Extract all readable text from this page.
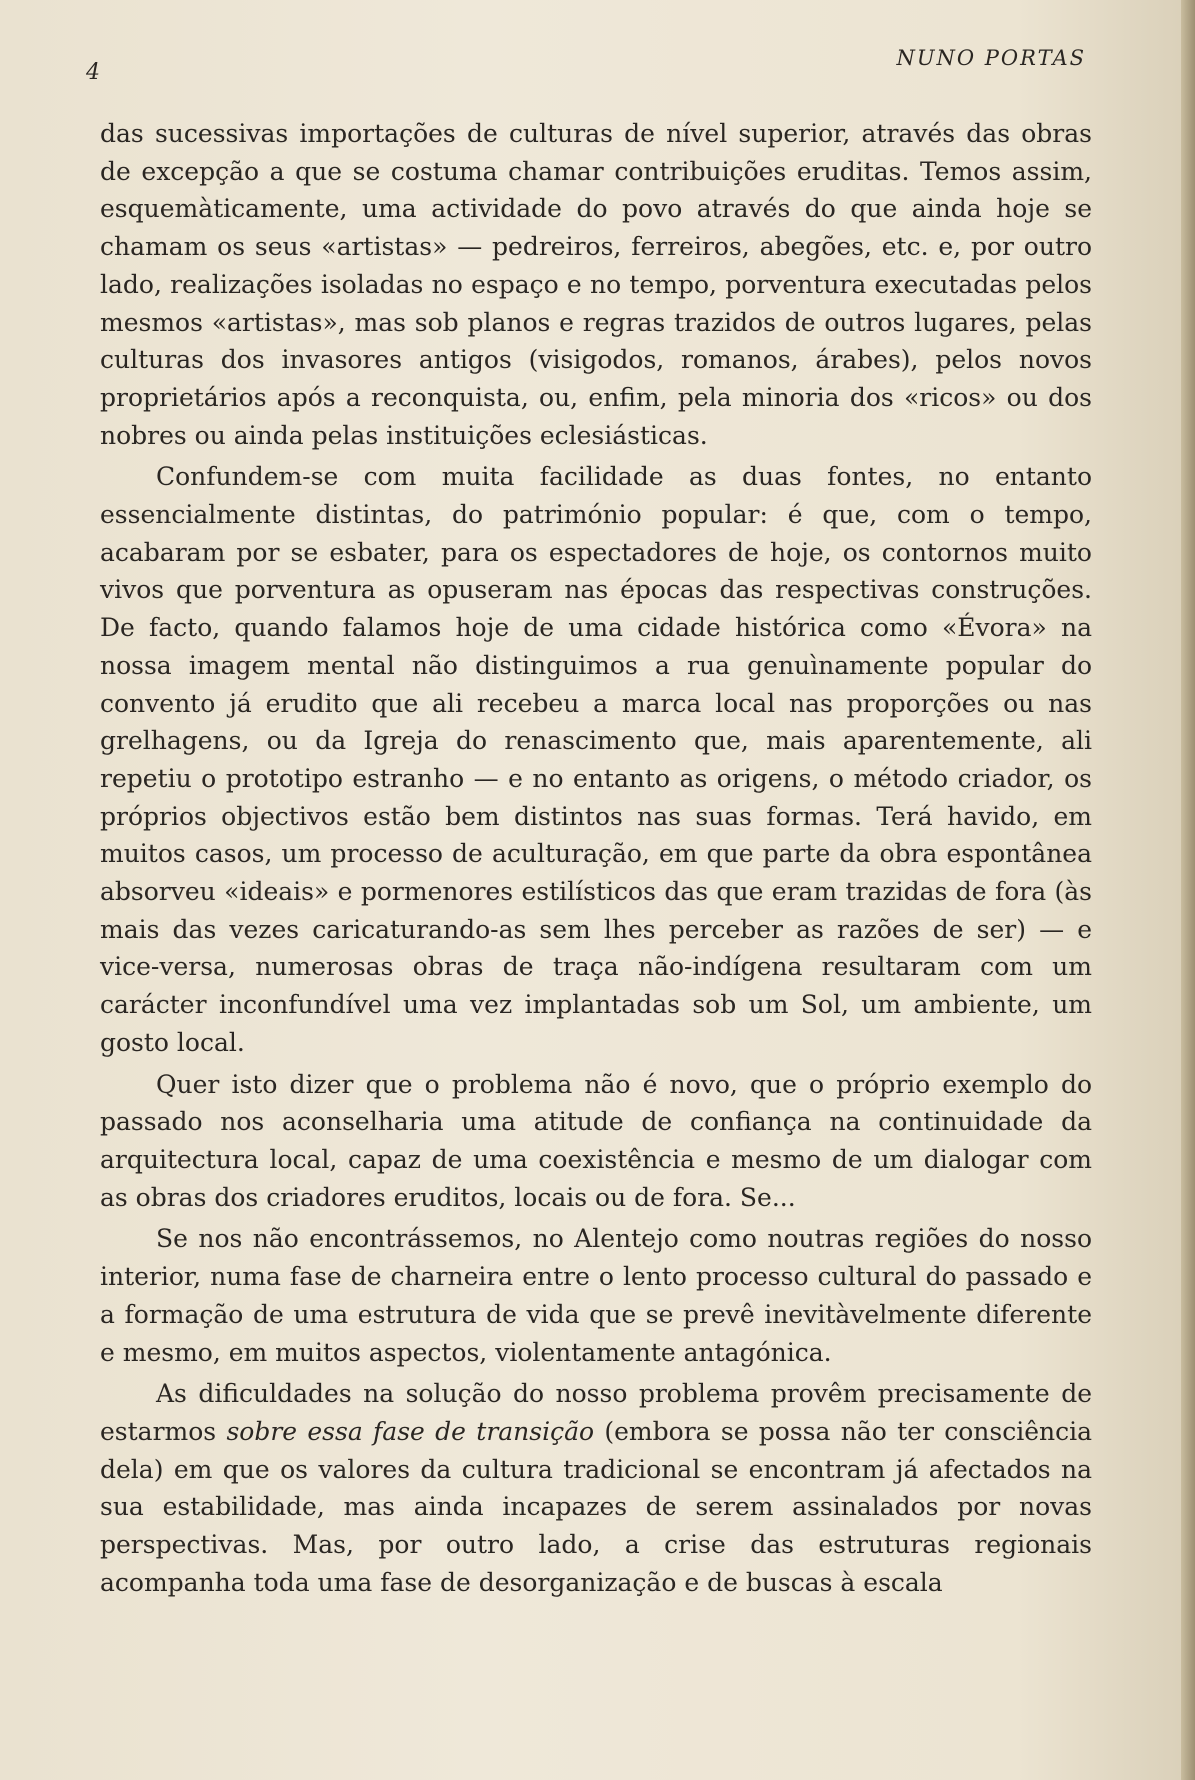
4
NUNO PORTAS

das sucessivas importações de culturas de nível superior, através das obras de excepção a que se costuma chamar contribuições eruditas. Temos assim, esquemàticamente, uma actividade do povo através do que ainda hoje se chamam os seus «artistas» — pedreiros, ferreiros, abegões, etc. e, por outro lado, realizações isoladas no espaço e no tempo, porventura executadas pelos mesmos «artistas», mas sob planos e regras trazidos de outros lugares, pelas culturas dos invasores antigos (visigodos, romanos, árabes), pelos novos proprietários após a reconquista, ou, enfim, pela minoria dos «ricos» ou dos nobres ou ainda pelas instituições eclesiásticas.

Confundem-se com muita facilidade as duas fontes, no entanto essencialmente distintas, do património popular: é que, com o tempo, acabaram por se esbater, para os espectadores de hoje, os contornos muito vivos que porventura as opuseram nas épocas das respectivas construções. De facto, quando falamos hoje de uma cidade histórica como «Évora» na nossa imagem mental não distinguimos a rua genuìnamente popular do convento já erudito que ali recebeu a marca local nas proporções ou nas grelhagens, ou da Igreja do renascimento que, mais aparentemente, ali repetiu o prototipo estranho — e no entanto as origens, o método criador, os próprios objectivos estão bem distintos nas suas formas. Terá havido, em muitos casos, um processo de aculturação, em que parte da obra espontânea absorveu «ideais» e pormenores estilísticos das que eram trazidas de fora (às mais das vezes caricaturando-as sem lhes perceber as razões de ser) — e vice-versa, numerosas obras de traça não-indígena resultaram com um carácter inconfundível uma vez implantadas sob um Sol, um ambiente, um gosto local.

Quer isto dizer que o problema não é novo, que o próprio exemplo do passado nos aconselharia uma atitude de confiança na continuidade da arquitectura local, capaz de uma coexistência e mesmo de um dialogar com as obras dos criadores eruditos, locais ou de fora. Se...

Se nos não encontrássemos, no Alentejo como noutras regiões do nosso interior, numa fase de charneira entre o lento processo cultural do passado e a formação de uma estrutura de vida que se prevê inevitàvelmente diferente e mesmo, em muitos aspectos, violentamente antagónica.

As dificuldades na solução do nosso problema provêm precisamente de estarmos sobre essa fase de transição (embora se possa não ter consciência dela) em que os valores da cultura tradicional se encontram já afectados na sua estabilidade, mas ainda incapazes de serem assinalados por novas perspectivas. Mas, por outro lado, a crise das estruturas regionais acompanha toda uma fase de desorganização e de buscas à escala
